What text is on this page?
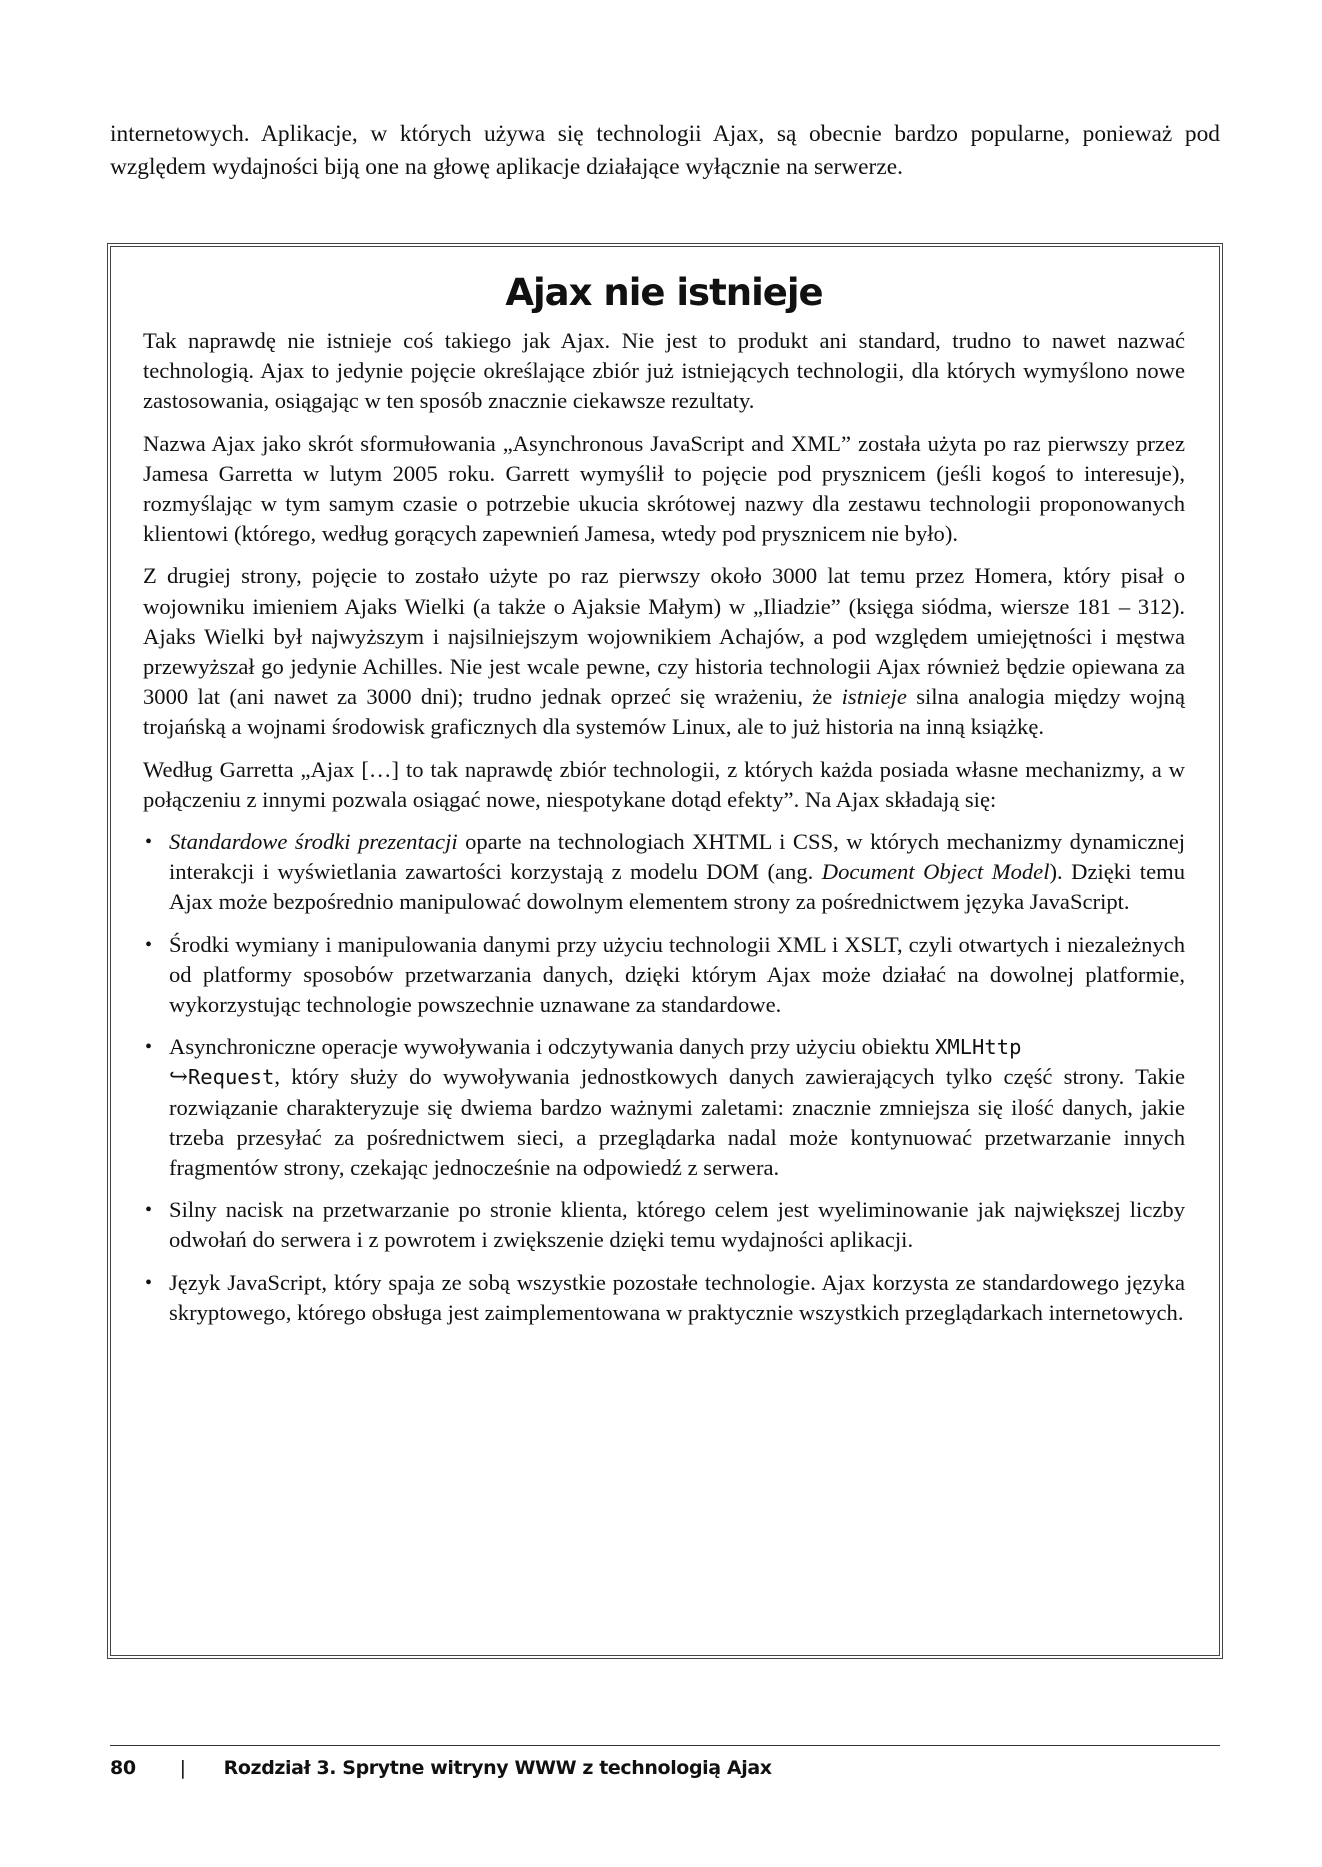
internetowych. Aplikacje, w których używa się technologii Ajax, są obecnie bardzo popularne, ponieważ pod względem wydajności biją one na głowę aplikacje działające wyłącznie na serwerze.

Ajax nie istnieje

Tak naprawdę nie istnieje coś takiego jak Ajax. Nie jest to produkt ani standard, trudno to nawet nazwać technologią. Ajax to jedynie pojęcie określające zbiór już istniejących technologii, dla których wymyślono nowe zastosowania, osiągając w ten sposób znacznie ciekawsze rezultaty.

Nazwa Ajax jako skrót sformułowania „Asynchronous JavaScript and XML” została użyta po raz pierwszy przez Jamesa Garretta w lutym 2005 roku. Garrett wymyślił to pojęcie pod prysznicem (jeśli kogoś to interesuje), rozmyślając w tym samym czasie o potrzebie ukucia skrótowej nazwy dla zestawu technologii proponowanych klientowi (którego, według gorących zapewnień Jamesa, wtedy pod prysznicem nie było).

Z drugiej strony, pojęcie to zostało użyte po raz pierwszy około 3000 lat temu przez Homera, który pisał o wojowniku imieniem Ajaks Wielki (a także o Ajaksie Małym) w „Iliadzie” (księga siódma, wiersze 181 – 312). Ajaks Wielki był najwyższym i najsilniejszym wojownikiem Achajów, a pod względem umiejętności i męstwa przewyższał go jedynie Achilles. Nie jest wcale pewne, czy historia technologii Ajax również będzie opiewana za 3000 lat (ani nawet za 3000 dni); trudno jednak oprzeć się wrażeniu, że istnieje silna analogia między wojną trojańską a wojnami środowisk graficznych dla systemów Linux, ale to już historia na inną książkę.

Według Garretta „Ajax […] to tak naprawdę zbiór technologii, z których każda posiada własne mechanizmy, a w połączeniu z innymi pozwala osiągać nowe, niespotykane dotąd efekty”. Na Ajax składają się:

• Standardowe środki prezentacji oparte na technologiach XHTML i CSS, w których mechanizmy dynamicznej interakcji i wyświetlania zawartości korzystają z modelu DOM (ang. Document Object Model). Dzięki temu Ajax może bezpośrednio manipulować dowolnym elementem strony za pośrednictwem języka JavaScript.
• Środki wymiany i manipulowania danymi przy użyciu technologii XML i XSLT, czyli otwartych i niezależnych od platformy sposobów przetwarzania danych, dzięki którym Ajax może działać na dowolnej platformie, wykorzystując technologie powszechnie uznawane za standardowe.
• Asynchroniczne operacje wywoływania i odczytywania danych przy użyciu obiektu XMLHttp
↪Request, który służy do wywoływania jednostkowych danych zawierających tylko część strony. Takie rozwiązanie charakteryzuje się dwiema bardzo ważnymi zaletami: znacznie zmniejsza się ilość danych, jakie trzeba przesyłać za pośrednictwem sieci, a przeglądarka nadal może kontynuować przetwarzanie innych fragmentów strony, czekając jednocześnie na odpowiedź z serwera.
• Silny nacisk na przetwarzanie po stronie klienta, którego celem jest wyeliminowanie jak największej liczby odwołań do serwera i z powrotem i zwiększenie dzięki temu wydajności aplikacji.
• Język JavaScript, który spaja ze sobą wszystkie pozostałe technologie. Ajax korzysta ze standardowego języka skryptowego, którego obsługa jest zaimplementowana w praktycznie wszystkich przeglądarkach internetowych.
80 | Rozdział 3. Sprytne witryny WWW z technologią Ajax
